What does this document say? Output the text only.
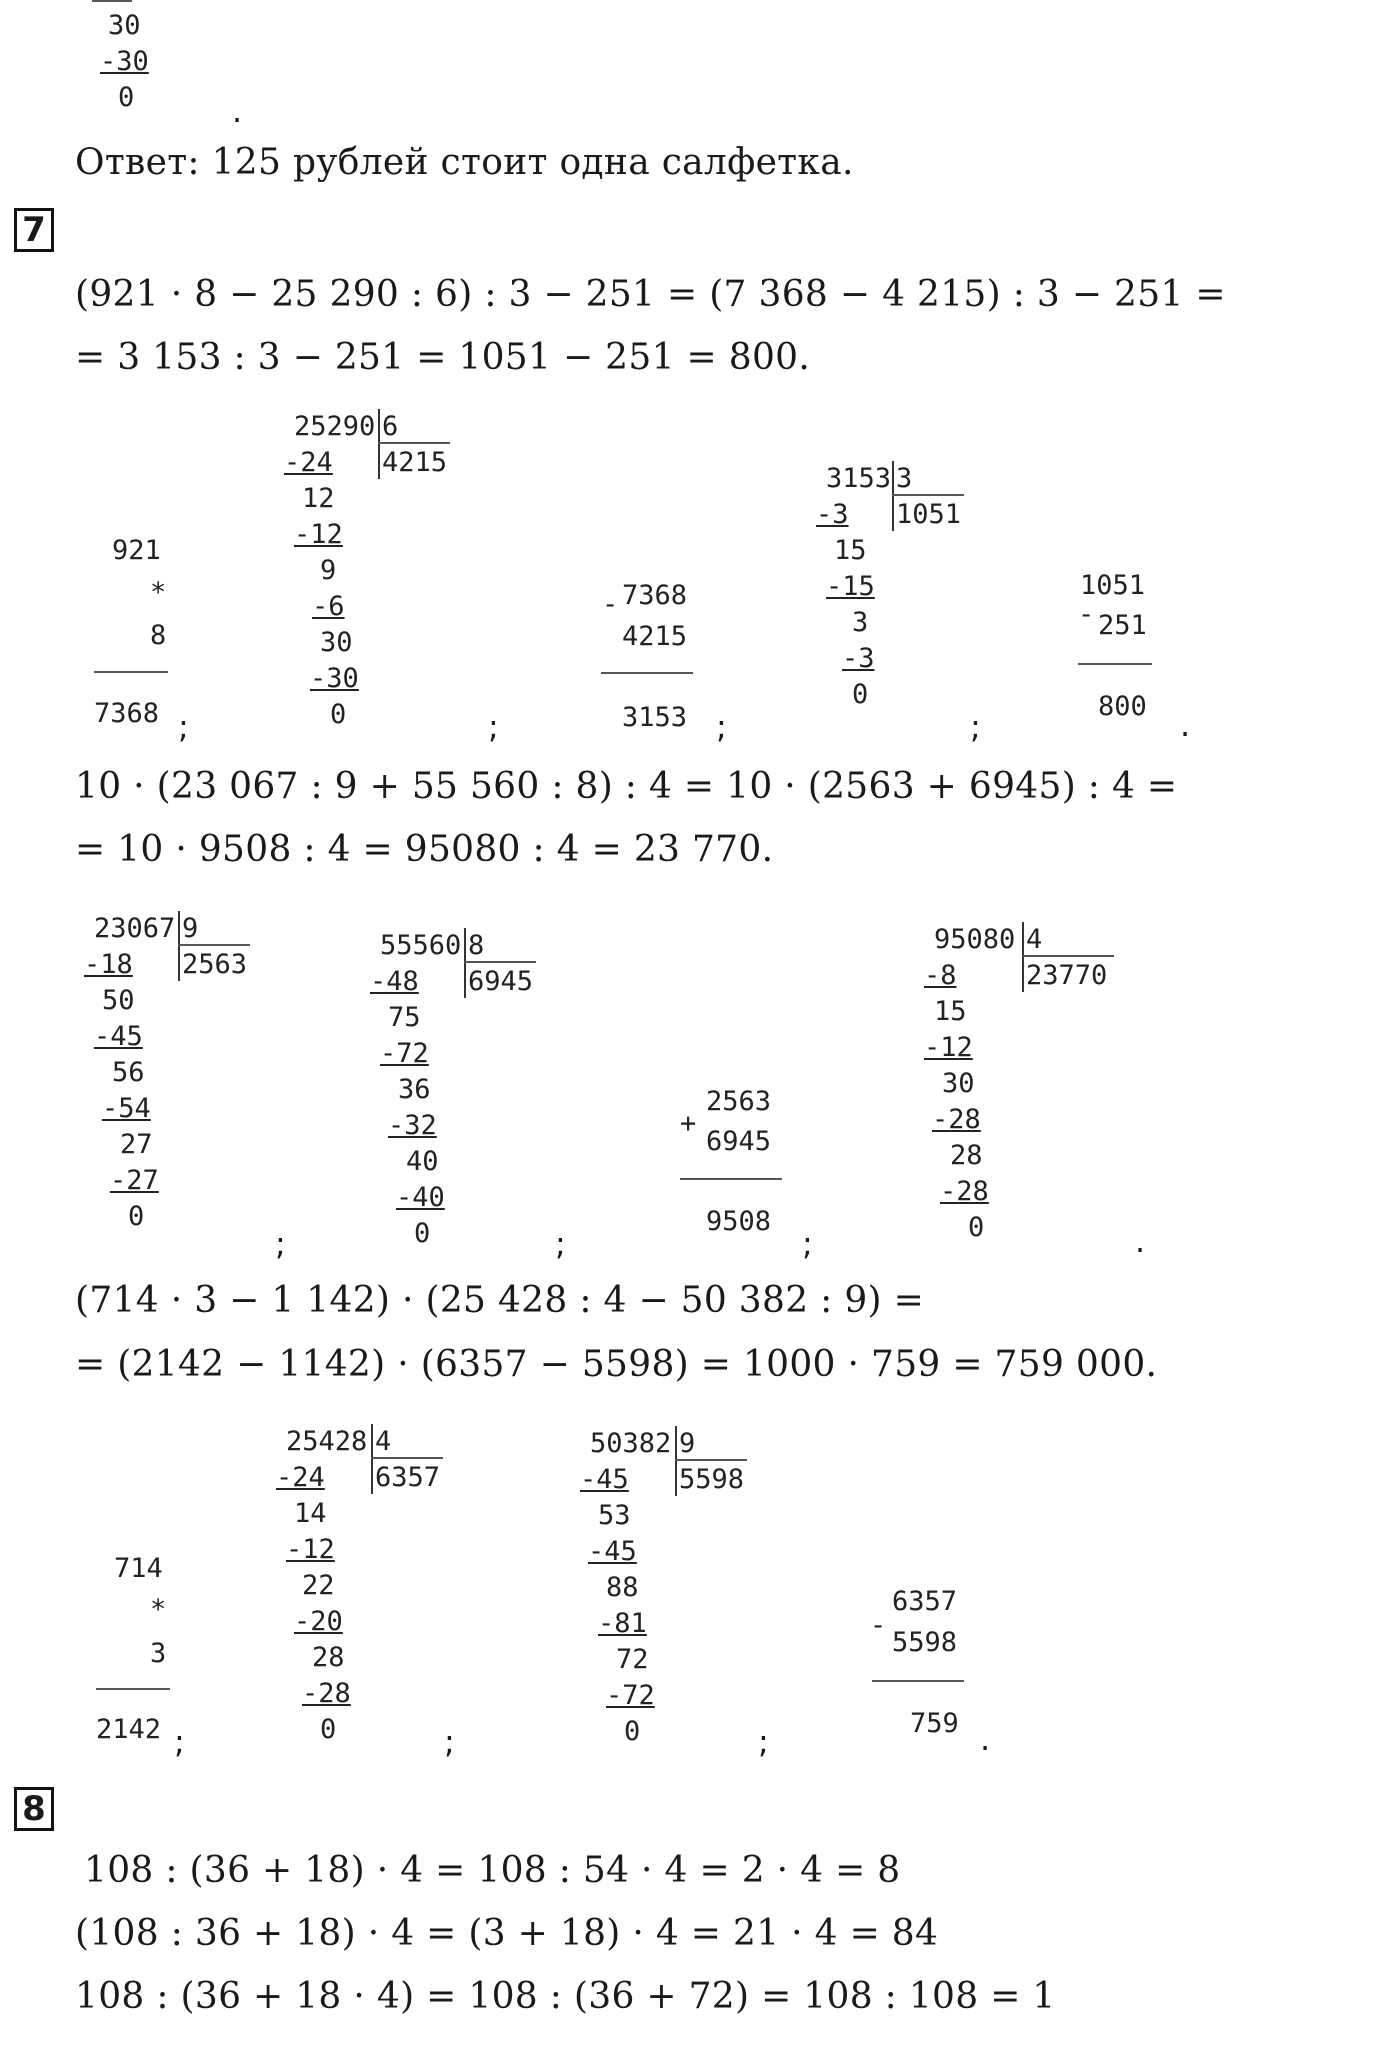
30
-30
0	.
Ответ: 125 рублей стоит одна салфетка.
7
(921 · 8 − 25 290 : 6) : 3 − 251 = (7 368 − 4 215) : 3 − 251 =
= 3 153 : 3 − 251 = 1051 − 251 = 800.
921
*
8
7368 ;
25290 6
4215
-24
12
-12
9
-6
30
-30
0	;
- 7368
4215
3153 ;
3153 3
1051
-3
15
-15
3
-3
0
;
-
1051
251
800 .
10 · (23 067 : 9 + 55 560 : 8) : 4 = 10 · (2563 + 6945) : 4 =
= 10 · 9508 : 4 = 95080 : 4 = 23 770.
23067 9
2563
-18
50
-45
56
-54
27
-27
0
;
55560 8
6945
-48
75
-72
36
-32
40
-40
0	;
+
2563
6945
9508
;
95080 4
23770
-8
15
-12
30
-28
28
-28
0	.
(714 · 3 − 1 142) · (25 428 : 4 − 50 382 : 9) =
= (2142 − 1142) · (6357 − 5598) = 1000 · 759 = 759 000.
714
*
3
2142 ;
25428 4
6357
-24
14
-12
22
-20
28
-28
0	;
50382 9
5598
-45
53
-45
88
-81
72
-72
0	;
-
6357
5598
759 .
8
108 : (36 + 18) · 4 = 108 : 54 · 4 = 2 · 4 = 8
(108 : 36 + 18) · 4 = (3 + 18) · 4 = 21 · 4 = 84
108 : (36 + 18 · 4) = 108 : (36 + 72) = 108 : 108 = 1
